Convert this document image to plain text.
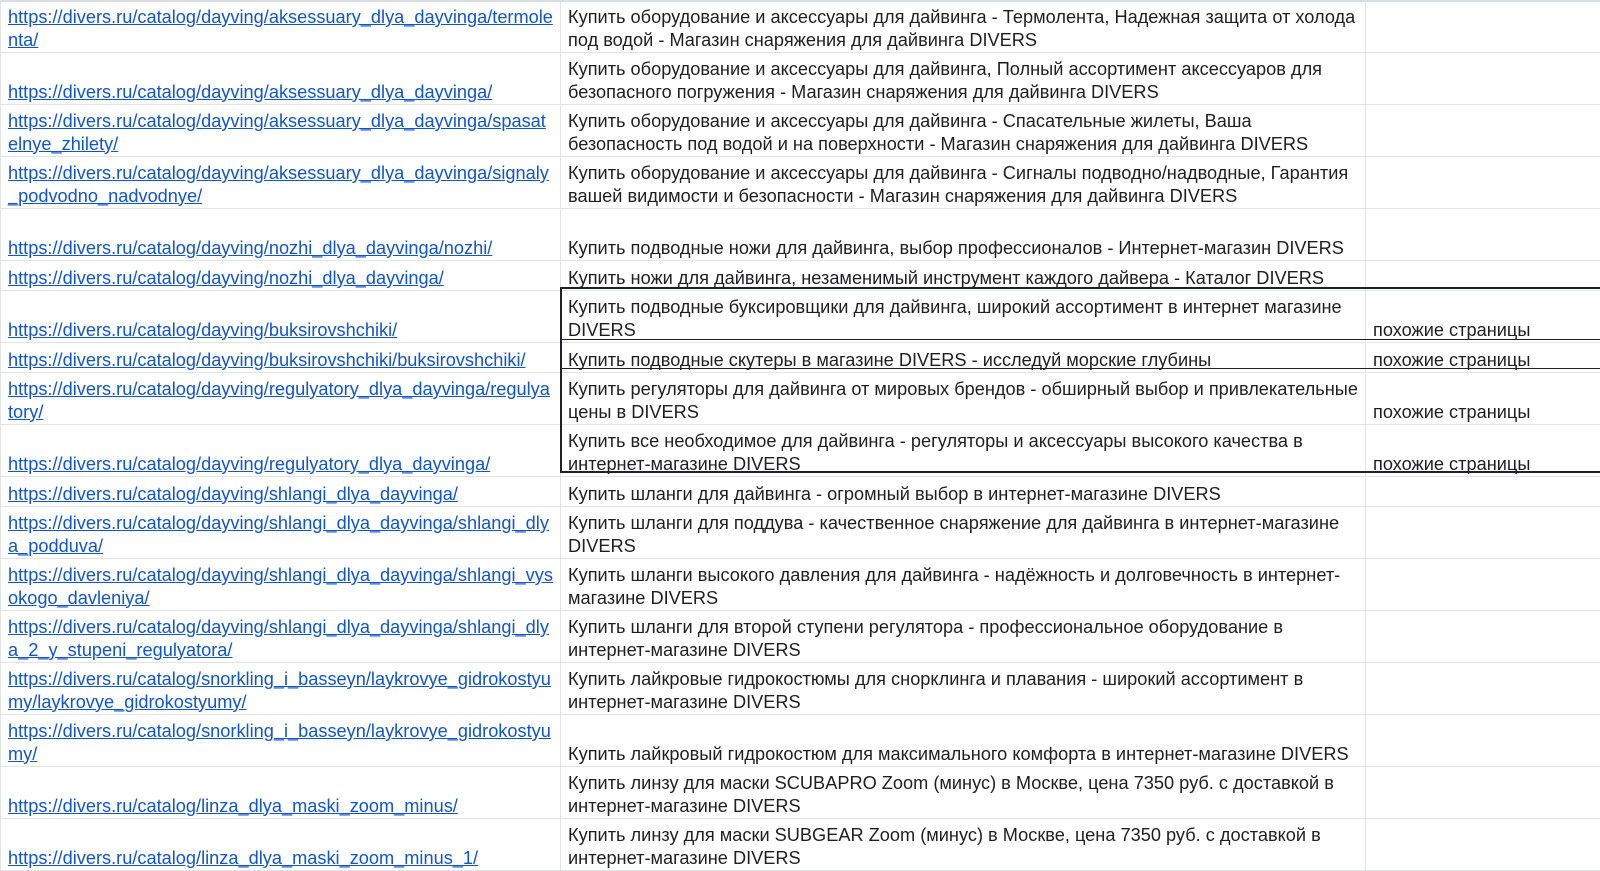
https://divers.ru/catalog/dayving/aksessuary_dlya_dayvinga/termolenta/	Купить оборудование и аксессуары для дайвинга - Термолента, Надежная защита от холода под водой - Магазин снаряжения для дайвинга DIVERS	
https://divers.ru/catalog/dayving/aksessuary_dlya_dayvinga/	Купить оборудование и аксессуары для дайвинга, Полный ассортимент аксессуаров для безопасного погружения - Магазин снаряжения для дайвинга DIVERS	
https://divers.ru/catalog/dayving/aksessuary_dlya_dayvinga/spasatelnye_zhilety/	Купить оборудование и аксессуары для дайвинга - Спасательные жилеты, Ваша безопасность под водой и на поверхности - Магазин снаряжения для дайвинга DIVERS	
https://divers.ru/catalog/dayving/aksessuary_dlya_dayvinga/signaly_podvodno_nadvodnye/	Купить оборудование и аксессуары для дайвинга - Сигналы подводно/надводные, Гарантия вашей видимости и безопасности - Магазин снаряжения для дайвинга DIVERS	
https://divers.ru/catalog/dayving/nozhi_dlya_dayvinga/nozhi/	Купить подводные ножи для дайвинга, выбор профессионалов - Интернет-магазин DIVERS	
https://divers.ru/catalog/dayving/nozhi_dlya_dayvinga/	Купить ножи для дайвинга, незаменимый инструмент каждого дайвера - Каталог DIVERS	
https://divers.ru/catalog/dayving/buksirovshchiki/	Купить подводные буксировщики для дайвинга, широкий ассортимент в интернет магазине DIVERS	похожие страницы
https://divers.ru/catalog/dayving/buksirovshchiki/buksirovshchiki/	Купить подводные скутеры в магазине DIVERS - исследуй морские глубины	похожие страницы
https://divers.ru/catalog/dayving/regulyatory_dlya_dayvinga/regulyatory/	Купить регуляторы для дайвинга от мировых брендов - обширный выбор и привлекательные цены в DIVERS	похожие страницы
https://divers.ru/catalog/dayving/regulyatory_dlya_dayvinga/	Купить все необходимое для дайвинга - регуляторы и аксессуары высокого качества в интернет-магазине DIVERS	похожие страницы
https://divers.ru/catalog/dayving/shlangi_dlya_dayvinga/	Купить шланги для дайвинга - огромный выбор в интернет-магазине DIVERS	
https://divers.ru/catalog/dayving/shlangi_dlya_dayvinga/shlangi_dlya_podduva/	Купить шланги для поддува - качественное снаряжение для дайвинга в интернет-магазине DIVERS	
https://divers.ru/catalog/dayving/shlangi_dlya_dayvinga/shlangi_vysokogo_davleniya/	Купить шланги высокого давления для дайвинга - надёжность и долговечность в интернет-магазине DIVERS	
https://divers.ru/catalog/dayving/shlangi_dlya_dayvinga/shlangi_dlya_2_y_stupeni_regulyatora/	Купить шланги для второй ступени регулятора - профессиональное оборудование в интернет-магазине DIVERS	
https://divers.ru/catalog/snorkling_i_basseyn/laykrovye_gidrokostyumy/laykrovye_gidrokostyumy/	Купить лайкровые гидрокостюмы для снорклинга и плавания - широкий ассортимент в интернет-магазине DIVERS	
https://divers.ru/catalog/snorkling_i_basseyn/laykrovye_gidrokostyumy/	Купить лайкровый гидрокостюм для максимального комфорта в интернет-магазине DIVERS	
https://divers.ru/catalog/linza_dlya_maski_zoom_minus/	Купить линзу для маски SCUBAPRO Zoom (минус) в Москве, цена 7350 руб. с доставкой в интернет-магазине DIVERS	
https://divers.ru/catalog/linza_dlya_maski_zoom_minus_1/	Купить линзу для маски SUBGEAR Zoom (минус) в Москве, цена 7350 руб. с доставкой в интернет-магазине DIVERS	
